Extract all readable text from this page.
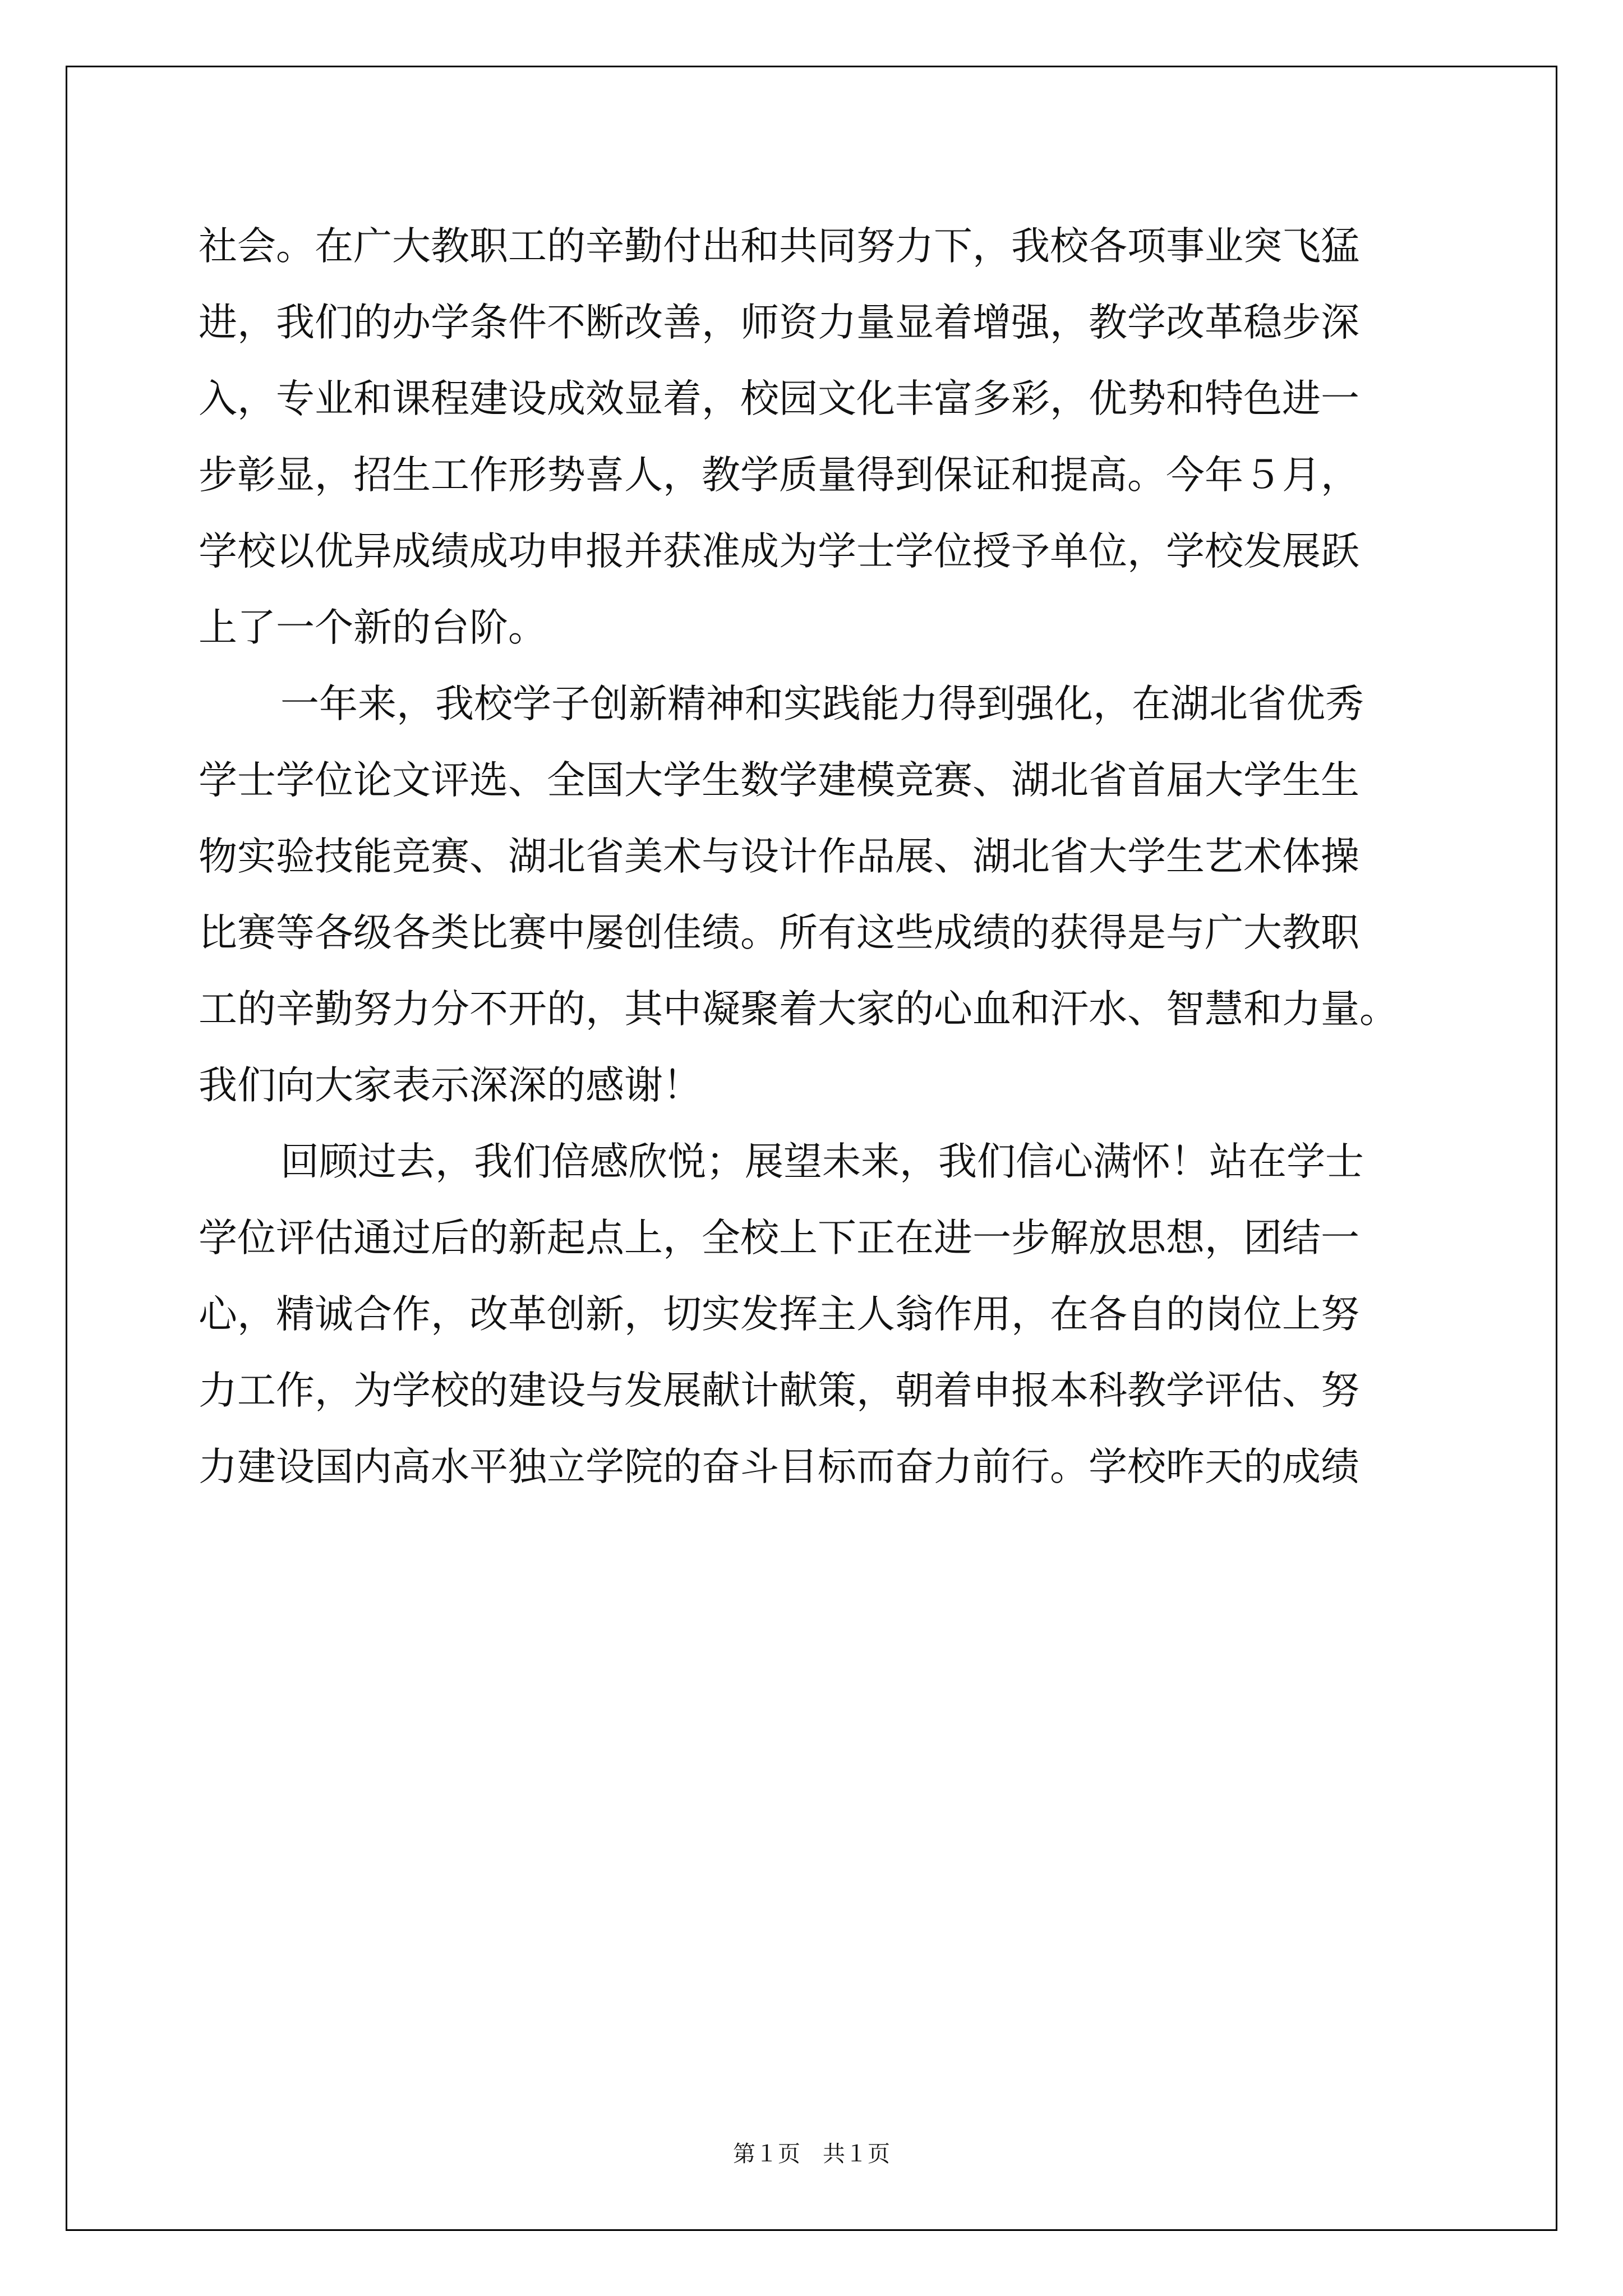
社会。在广大教职工的辛勤付出和共同努力下，我校各项事业突飞猛

进，我们的办学条件不断改善，师资力量显着增强，教学改革稳步深

入，专业和课程建设成效显着，校园文化丰富多彩，优势和特色进一

步彰显，招生工作形势喜人，教学质量得到保证和提高。今年５月，

学校以优异成绩成功申报并获准成为学士学位授予单位，学校发展跃

上了一个新的台阶。

一年来，我校学子创新精神和实践能力得到强化，在湖北省优秀

学士学位论文评选、全国大学生数学建模竞赛、湖北省首届大学生生

物实验技能竞赛、湖北省美术与设计作品展、湖北省大学生艺术体操

比赛等各级各类比赛中屡创佳绩。所有这些成绩的获得是与广大教职

工的辛勤努力分不开的，其中凝聚着大家的心血和汗水、智慧和力量。

我们向大家表示深深的感谢！

回顾过去，我们倍感欣悦；展望未来，我们信心满怀！站在学士

学位评估通过后的新起点上，全校上下正在进一步解放思想，团结一

心，精诚合作，改革创新，切实发挥主人翁作用，在各自的岗位上努

力工作，为学校的建设与发展献计献策，朝着申报本科教学评估、努

力建设国内高水平独立学院的奋斗目标而奋力前行。学校昨天的成绩

第１页　共１页
